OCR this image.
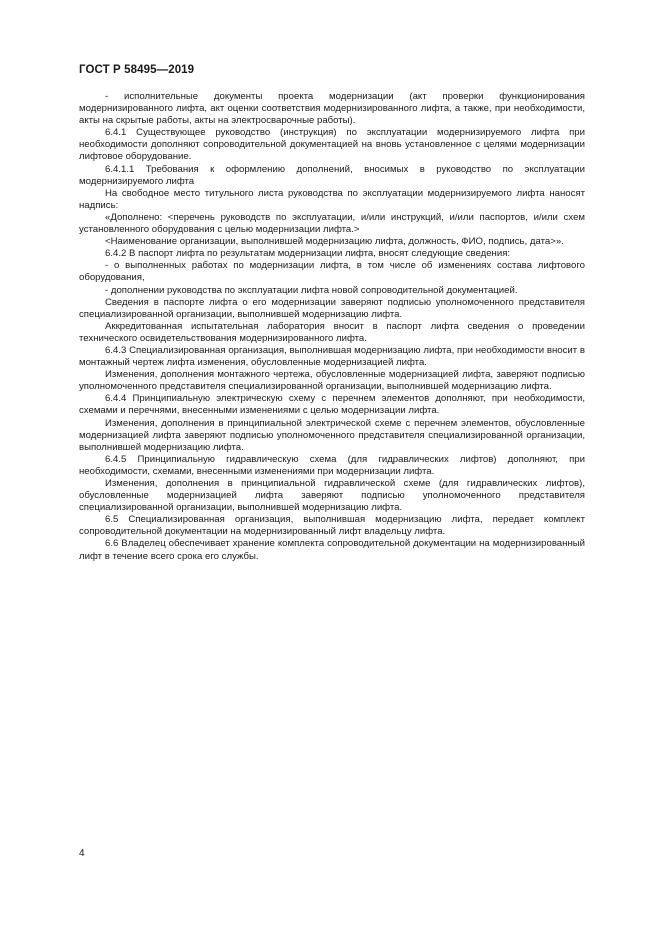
ГОСТ Р 58495—2019

- исполнительные документы проекта модернизации (акт проверки функционирования модернизированного лифта, акт оценки соответствия модернизированного лифта, а также, при необходимости, акты на скрытые работы, акты на электросварочные работы).

6.4.1 Существующее руководство (инструкция) по эксплуатации модернизируемого лифта при необходимости дополняют сопроводительной документацией на вновь установленное с целями модернизации лифтовое оборудование.

6.4.1.1 Требования к оформлению дополнений, вносимых в руководство по эксплуатации модернизируемого лифта

На свободное место титульного листа руководства по эксплуатации модернизируемого лифта наносят надпись:

«Дополнено: <перечень руководств по эксплуатации, и/или инструкций, и/или паспортов, и/или схем установленного оборудования с целью модернизации лифта.>

<Наименование организации, выполнившей модернизацию лифта, должность, ФИО, подпись, дата>».

6.4.2 В паспорт лифта по результатам модернизации лифта, вносят следующие сведения:

- о выполненных работах по модернизации лифта, в том числе об изменениях состава лифтового оборудования,

- дополнении руководства по эксплуатации лифта новой сопроводительной документацией.

Сведения в паспорте лифта о его модернизации заверяют подписью уполномоченного представителя специализированной организации, выполнившей модернизацию лифта.

Аккредитованная испытательная лаборатория вносит в паспорт лифта сведения о проведении технического освидетельствования модернизированного лифта.

6.4.3 Специализированная организация, выполнившая модернизацию лифта, при необходимости вносит в монтажный чертеж лифта изменения, обусловленные модернизацией лифта.

Изменения, дополнения монтажного чертежа, обусловленные модернизацией лифта, заверяют подписью уполномоченного представителя специализированной организации, выполнившей модернизацию лифта.

6.4.4 Принципиальную электрическую схему с перечнем элементов дополняют, при необходимости, схемами и перечнями, внесенными изменениями с целью модернизации лифта.

Изменения, дополнения в принципиальной электрической схеме с перечнем элементов, обусловленные модернизацией лифта заверяют подписью уполномоченного представителя специализированной организации, выполнившей модернизацию лифта.

6.4.5 Принципиальную гидравлическую схема (для гидравлических лифтов) дополняют, при необходимости, схемами, внесенными изменениями при модернизации лифта.

Изменения, дополнения в принципиальной гидравлической схеме (для гидравлических лифтов), обусловленные модернизацией лифта заверяют подписью уполномоченного представителя специализированной организации, выполнившей модернизацию лифта.

6.5 Специализированная организация, выполнившая модернизацию лифта, передает комплект сопроводительной документации на модернизированный лифт владельцу лифта.

6.6 Владелец обеспечивает хранение комплекта сопроводительной документации на модернизированный лифт в течение всего срока его службы.

4
